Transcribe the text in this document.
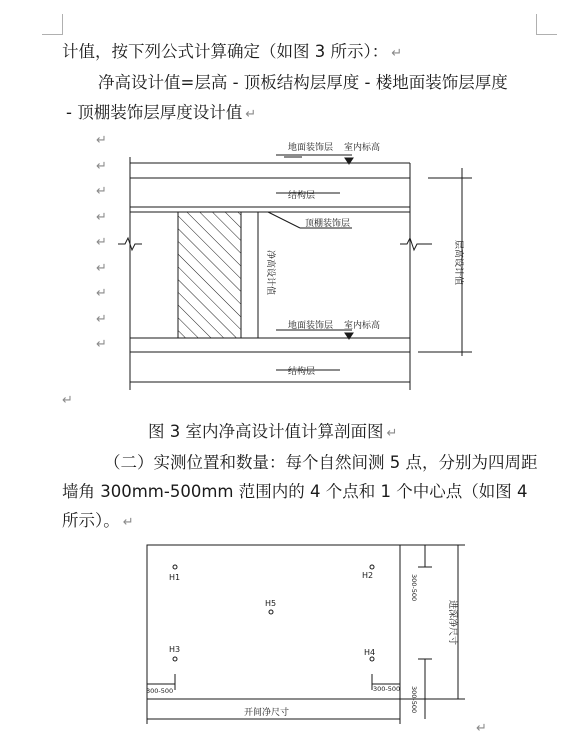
计值，按下列公式计算确定（如图 3 所示）： ↵
净高设计值=层高 - 顶板结构层厚度 - 楼地面装饰层厚度
- 顶棚装饰层厚度设计值 ↵
地面装饰层 室内标高
结构层
顶棚装饰层
地面装饰层 室内标高
结构层
净高设计值	层高设计值
↵
↵
↵
↵
↵
↵
↵
↵
↵
↵
图 3 室内净高设计值计算剖面图 ↵
（二）实测位置和数量：每个自然间测 5 点，分别为四周距
墙角 300mm-500mm 范围内的 4 个点和 1 个中心点（如图 4
所示）。 ↵
H1	H2
H5
H3	H4
300-500	300-500
开间净尺寸
300-500
300-500
进深净尺寸
↵
